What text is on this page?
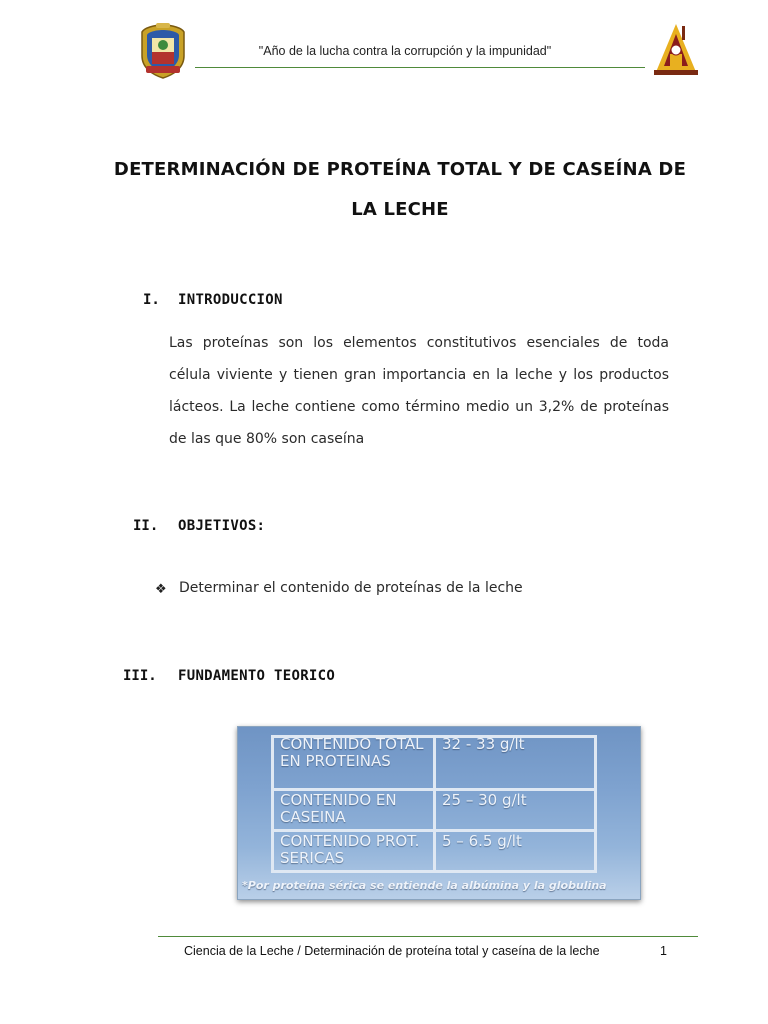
"Año de la lucha contra la corrupción y la impunidad"
DETERMINACIÓN DE PROTEÍNA TOTAL Y DE CASEÍNA DE
LA LECHE
I. INTRODUCCION
Las proteínas son los elementos constitutivos esenciales de toda célula viviente y tienen gran importancia en la leche y los productos lácteos. La leche contiene como término medio un 3,2% de proteínas de las que 80% son caseína
II. OBJETIVOS:
❖ Determinar el contenido de proteínas de la leche
III. FUNDAMENTO TEORICO
CONTENIDO TOTAL EN PROTEINAS
32 - 33 g/lt
CONTENIDO EN CASEINA
25 – 30 g/lt
CONTENIDO PROT. SERICAS
5 – 6.5 g/lt
*Por proteína sérica se entiende la albúmina y la globulina
Ciencia de la Leche / Determinación de proteína total y caseína de la leche	1
